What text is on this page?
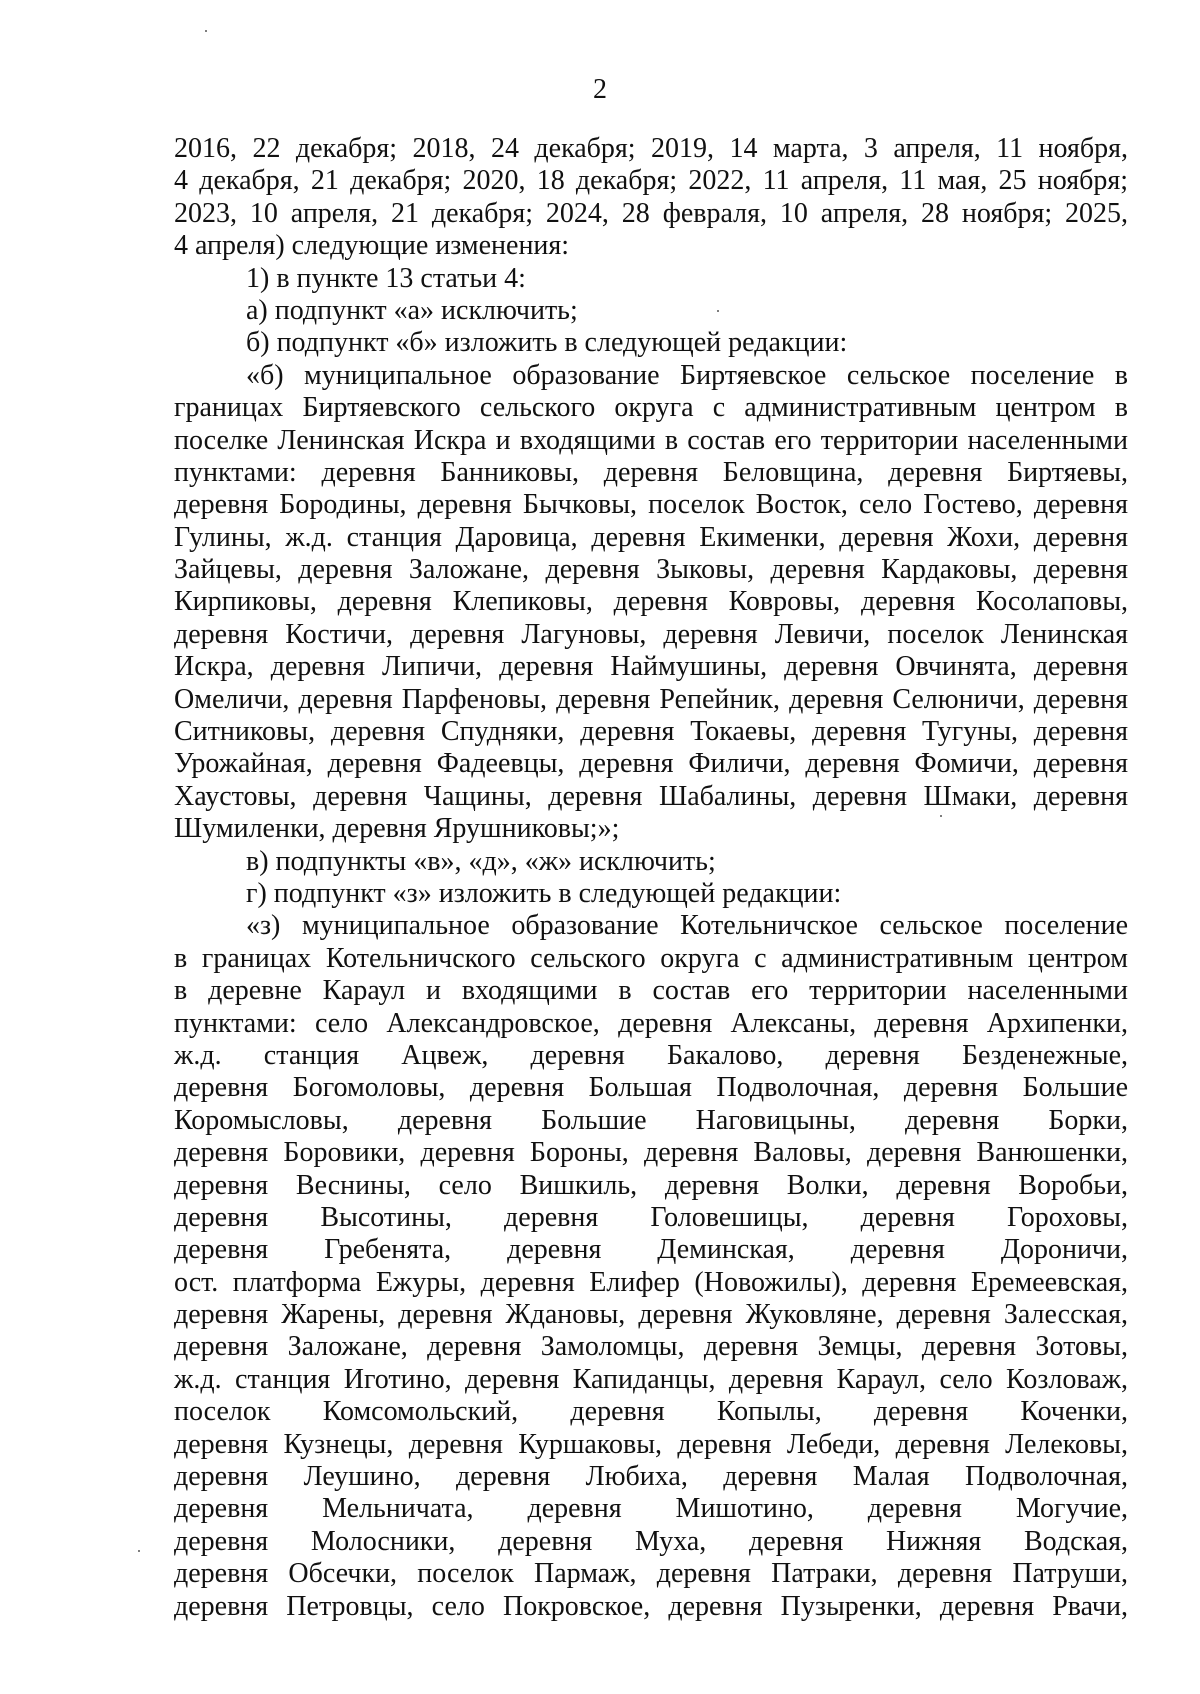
2
2016, 22 декабря; 2018, 24 декабря; 2019, 14 марта, 3 апреля, 11 ноября,
4 декабря, 21 декабря; 2020, 18 декабря; 2022, 11 апреля, 11 мая, 25 ноября;
2023, 10 апреля, 21 декабря; 2024, 28 февраля, 10 апреля, 28 ноября; 2025,
4 апреля) следующие изменения:
1) в пункте 13 статьи 4:
а) подпункт «а» исключить;
б) подпункт «б» изложить в следующей редакции:
«б) муниципальное образование Биртяевское сельское поселение в
границах Биртяевского сельского округа с административным центром в
поселке Ленинская Искра и входящими в состав его территории населенными
пунктами: деревня Банниковы, деревня Беловщина, деревня Биртяевы,
деревня Бородины, деревня Бычковы, поселок Восток, село Гостево, деревня
Гулины, ж.д. станция Даровица, деревня Екименки, деревня Жохи, деревня
Зайцевы, деревня Заложане, деревня Зыковы, деревня Кардаковы, деревня
Кирпиковы, деревня Клепиковы, деревня Ковровы, деревня Косолаповы,
деревня Костичи, деревня Лагуновы, деревня Левичи, поселок Ленинская
Искра, деревня Липичи, деревня Наймушины, деревня Овчинята, деревня
Омеличи, деревня Парфеновы, деревня Репейник, деревня Селюничи, деревня
Ситниковы, деревня Спудняки, деревня Токаевы, деревня Тугуны, деревня
Урожайная, деревня Фадеевцы, деревня Филичи, деревня Фомичи, деревня
Хаустовы, деревня Чащины, деревня Шабалины, деревня Шмаки, деревня
Шумиленки, деревня Ярушниковы;»;
в) подпункты «в», «д», «ж» исключить;
г) подпункт «з» изложить в следующей редакции:
«з) муниципальное образование Котельничское сельское поселение
в границах Котельничского сельского округа с административным центром
в деревне Караул и входящими в состав его территории населенными
пунктами: село Александровское, деревня Алексаны, деревня Архипенки,
ж.д. станция Ацвеж, деревня Бакалово, деревня Безденежные,
деревня Богомоловы, деревня Большая Подволочная, деревня Большие
Коромысловы, деревня Большие Наговицыны, деревня Борки,
деревня Боровики, деревня Бороны, деревня Валовы, деревня Ванюшенки,
деревня Веснины, село Вишкиль, деревня Волки, деревня Воробьи,
деревня Высотины, деревня Головешицы, деревня Гороховы,
деревня Гребенята, деревня Деминская, деревня Дороничи,
ост. платформа Ежуры, деревня Елифер (Новожилы), деревня Еремеевская,
деревня Жарены, деревня Ждановы, деревня Жуковляне, деревня Залесская,
деревня Заложане, деревня Замоломцы, деревня Земцы, деревня Зотовы,
ж.д. станция Иготино, деревня Капиданцы, деревня Караул, село Козловаж,
поселок Комсомольский, деревня Копылы, деревня Коченки,
деревня Кузнецы, деревня Куршаковы, деревня Лебеди, деревня Лелековы,
деревня Леушино, деревня Любиха, деревня Малая Подволочная,
деревня Мельничата, деревня Мишотино, деревня Могучие,
деревня Молосники, деревня Муха, деревня Нижняя Водская,
деревня Обсечки, поселок Пармаж, деревня Патраки, деревня Патруши,
деревня Петровцы, село Покровское, деревня Пузыренки, деревня Рвачи,
